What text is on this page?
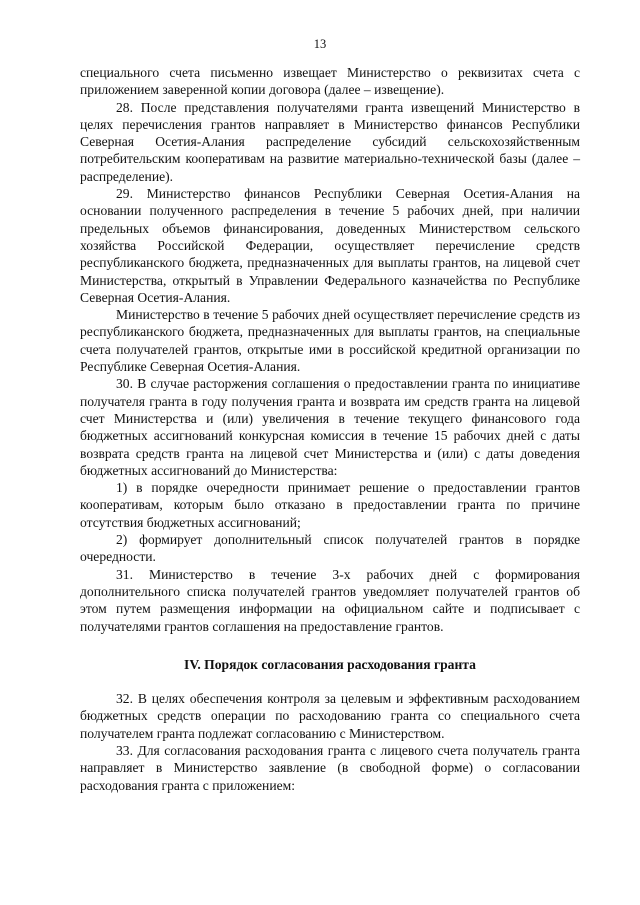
13

специального счета письменно извещает Министерство о реквизитах счета с приложением заверенной копии договора (далее – извещение).

28. После представления получателями гранта извещений Министерство в целях перечисления грантов направляет в Министерство финансов Республики Северная Осетия-Алания распределение субсидий сельскохозяйственным потребительским кооперативам на развитие материально-технической базы (далее – распределение).

29. Министерство финансов Республики Северная Осетия-Алания на основании полученного распределения в течение 5 рабочих дней, при наличии предельных объемов финансирования, доведенных Министерством сельского хозяйства Российской Федерации, осуществляет перечисление средств республиканского бюджета, предназначенных для выплаты грантов, на лицевой счет Министерства, открытый в Управлении Федерального казначейства по Республике Северная Осетия-Алания.

Министерство в течение 5 рабочих дней осуществляет перечисление средств из республиканского бюджета, предназначенных для выплаты грантов, на специальные счета получателей грантов, открытые ими в российской кредитной организации по Республике Северная Осетия-Алания.

30. В случае расторжения соглашения о предоставлении гранта по инициативе получателя гранта в году получения гранта и возврата им средств гранта на лицевой счет Министерства и (или) увеличения в течение текущего финансового года бюджетных ассигнований конкурсная комиссия в течение 15 рабочих дней с даты возврата средств гранта на лицевой счет Министерства и (или) с даты доведения бюджетных ассигнований до Министерства:

1) в порядке очередности принимает решение о предоставлении грантов кооперативам, которым было отказано в предоставлении гранта по причине отсутствия бюджетных ассигнований;

2) формирует дополнительный список получателей грантов в порядке очередности.

31. Министерство в течение 3-х рабочих дней с формирования дополнительного списка получателей грантов уведомляет получателей грантов об этом путем размещения информации на официальном сайте и подписывает с получателями грантов соглашения на предоставление грантов.

IV. Порядок согласования расходования гранта

32. В целях обеспечения контроля за целевым и эффективным расходованием бюджетных средств операции по расходованию гранта со специального счета получателем гранта подлежат согласованию с Министерством.

33. Для согласования расходования гранта с лицевого счета получатель гранта направляет в Министерство заявление (в свободной форме) о согласовании расходования гранта с приложением:
